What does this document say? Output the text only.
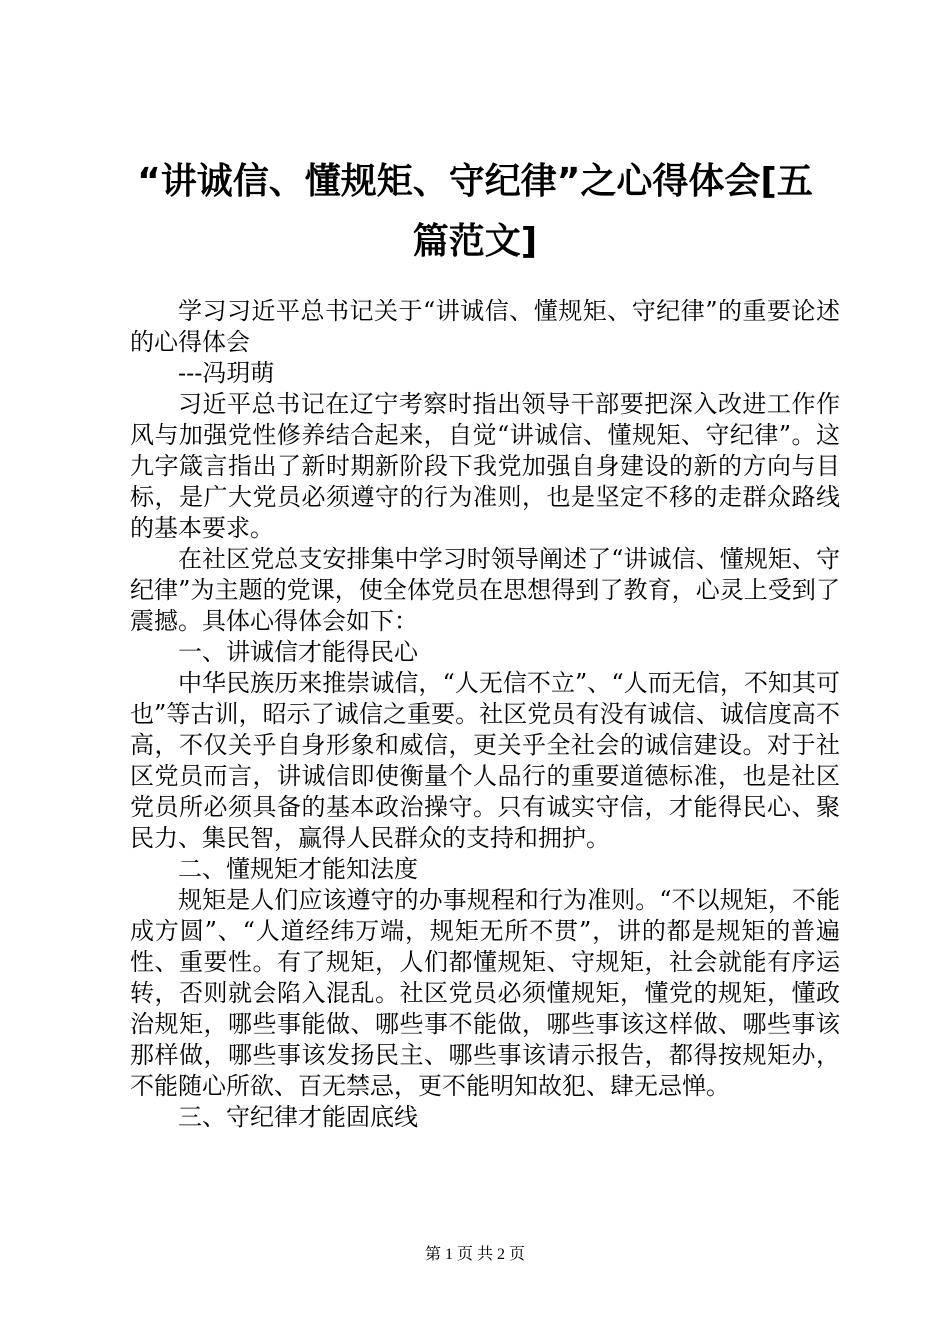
“讲诚信、懂规矩、守纪律”之心得体会[五
篇范文]

学习习近平总书记关于“讲诚信、懂规矩、守纪律”的重要论述的心得体会

---冯玥萌

习近平总书记在辽宁考察时指出领导干部要把深入改进工作作风与加强党性修养结合起来，自觉“讲诚信、懂规矩、守纪律”。这九字箴言指出了新时期新阶段下我党加强自身建设的新的方向与目标，是广大党员必须遵守的行为准则，也是坚定不移的走群众路线的基本要求。

在社区党总支安排集中学习时领导阐述了“讲诚信、懂规矩、守纪律”为主题的党课，使全体党员在思想得到了教育，心灵上受到了震撼。具体心得体会如下：

一、讲诚信才能得民心

中华民族历来推崇诚信，“人无信不立”、“人而无信，不知其可也”等古训，昭示了诚信之重要。社区党员有没有诚信、诚信度高不高，不仅关乎自身形象和威信，更关乎全社会的诚信建设。对于社区党员而言，讲诚信即使衡量个人品行的重要道德标准，也是社区党员所必须具备的基本政治操守。只有诚实守信，才能得民心、聚民力、集民智，赢得人民群众的支持和拥护。

二、懂规矩才能知法度

规矩是人们应该遵守的办事规程和行为准则。“不以规矩，不能成方圆”、“人道经纬万端，规矩无所不贯”，讲的都是规矩的普遍性、重要性。有了规矩，人们都懂规矩、守规矩，社会就能有序运转，否则就会陷入混乱。社区党员必须懂规矩，懂党的规矩，懂政治规矩，哪些事能做、哪些事不能做，哪些事该这样做、哪些事该那样做，哪些事该发扬民主、哪些事该请示报告，都得按规矩办，不能随心所欲、百无禁忌，更不能明知故犯、肆无忌惮。

三、守纪律才能固底线

第 1 页 共 2 页
